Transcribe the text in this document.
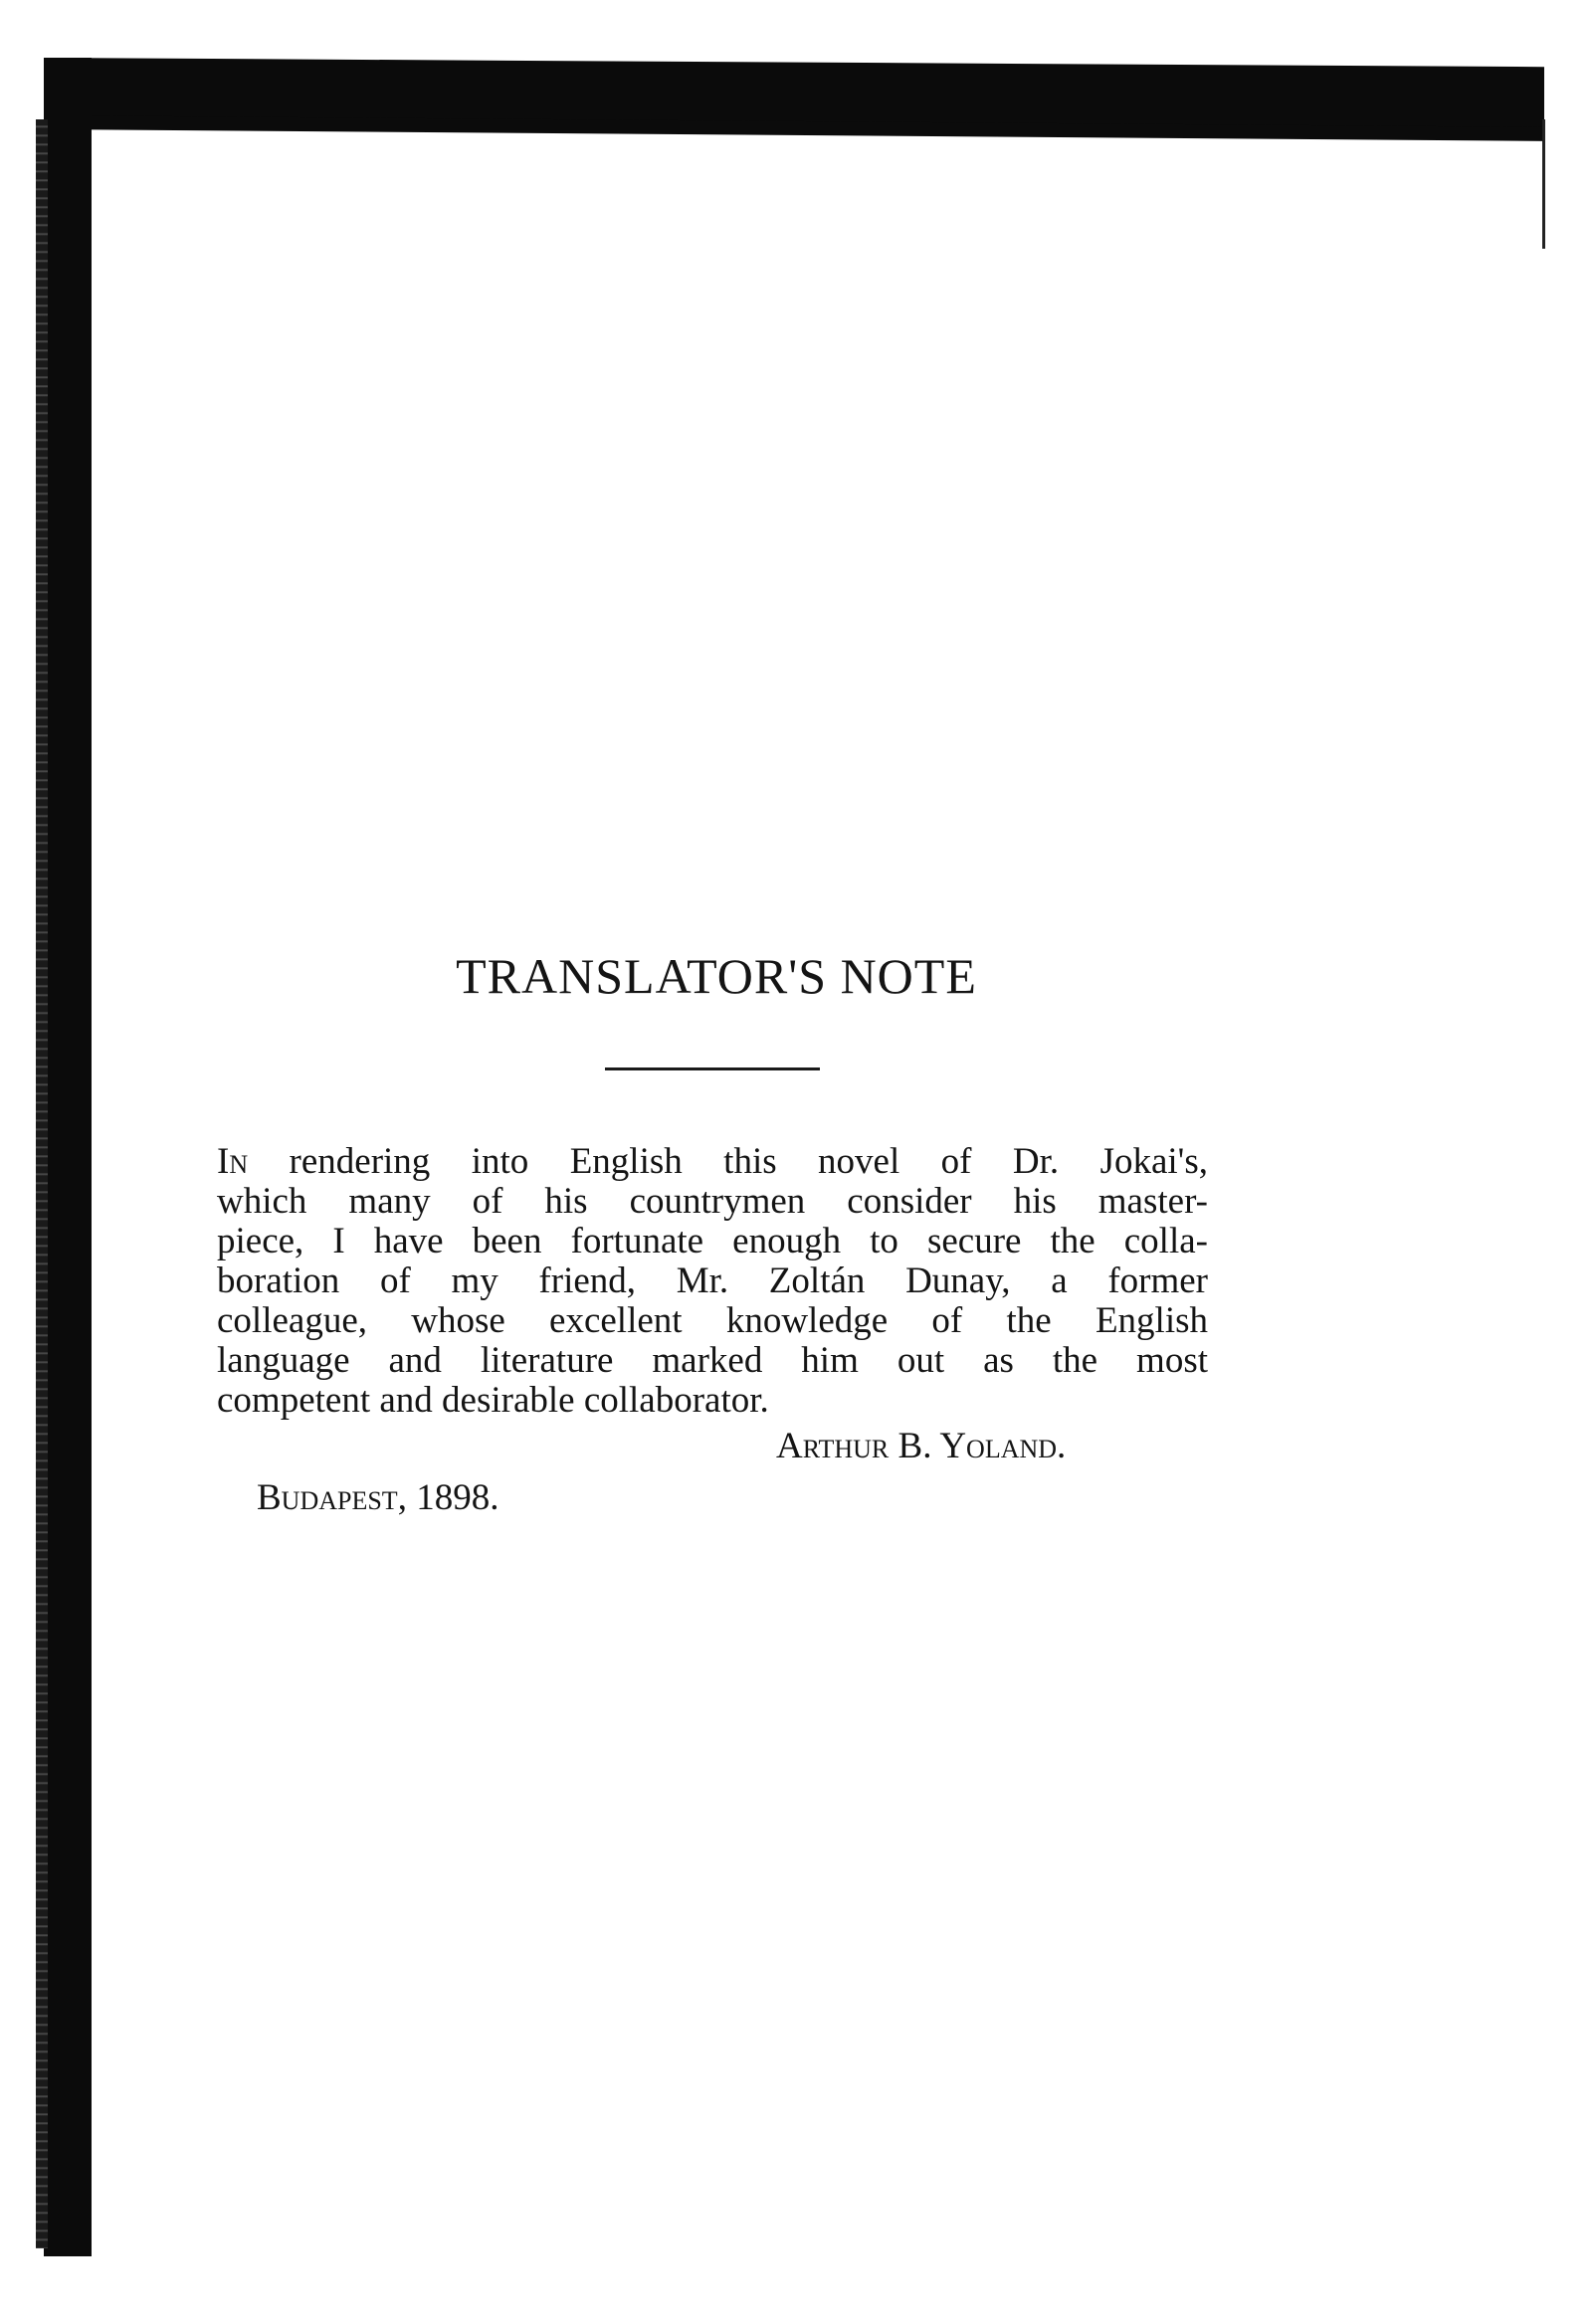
TRANSLATOR'S NOTE
In rendering into English this novel of Dr. Jokai's,
which many of his countrymen consider his master-
piece, I have been fortunate enough to secure the colla-
boration of my friend, Mr. Zoltán Dunay, a former
colleague, whose excellent knowledge of the English
language and literature marked him out as the most
competent and desirable collaborator.
Arthur B. Yoland.
Budapest, 1898.
